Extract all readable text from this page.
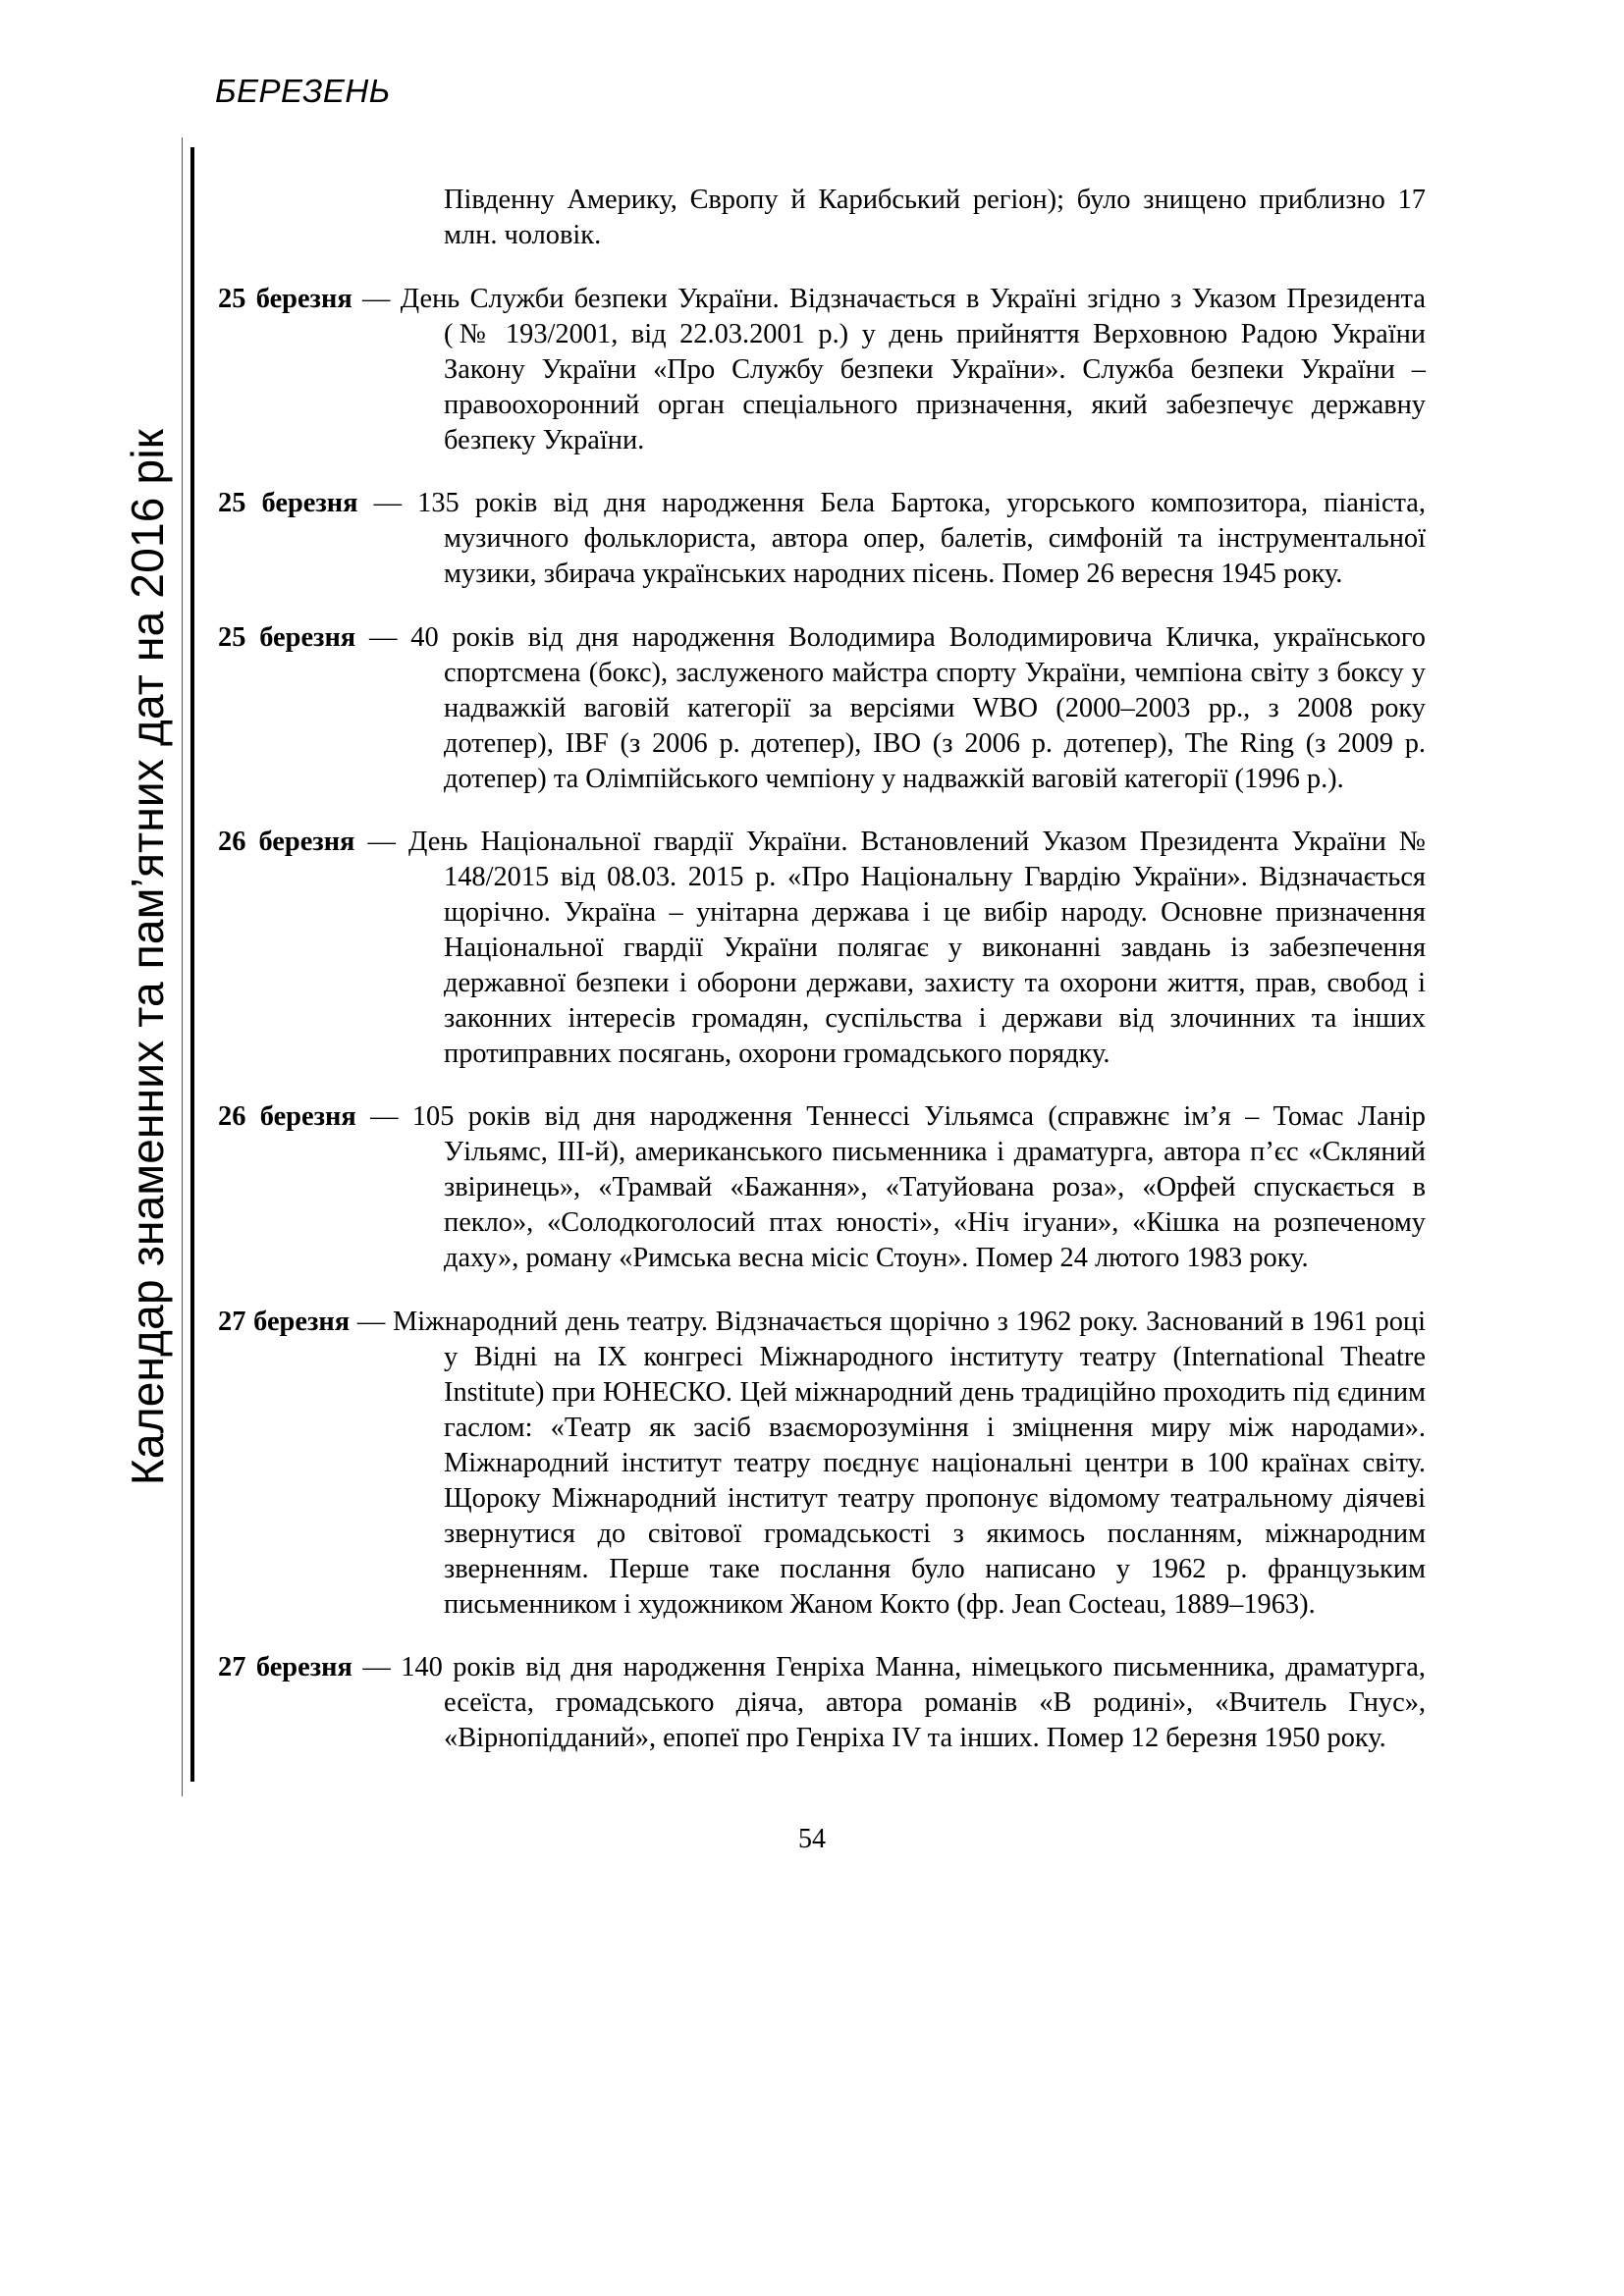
БЕРЕЗЕНЬ
Календар знаменних та пам’ятних дат на 2016 рік

Південну Америку, Європу й Карибський регіон); було знищено приблизно 17 млн. чоловік.

25 березня — День Служби безпеки України. Відзначається в Україні згідно з Указом Президента (№ 193/2001, від 22.03.2001 р.) у день прийняття Верховною Радою України Закону України «Про Службу безпеки України». Служба безпеки України – правоохоронний орган спеціального призначення, який забезпечує державну безпеку України.

25 березня — 135 років від дня народження Бела Бартока, угорського композитора, піаніста, музичного фольклориста, автора опер, балетів, симфоній та інструментальної музики, збирача українських народних пісень. Помер 26 вересня 1945 року.

25 березня — 40 років від дня народження Володимира Володимировича Кличка, українського спортсмена (бокс), заслуженого майстра спорту України, чемпіона світу з боксу у надважкій ваговій категорії за версіями WBO (2000–2003 рр., з 2008 року дотепер), IBF (з 2006 р. дотепер), IBO (з 2006 р. дотепер), The Ring (з 2009 р. дотепер) та Олімпійського чемпіону у надважкій ваговій категорії (1996 р.).

26 березня — День Національної гвардії України. Встановлений Указом Президента України № 148/2015 від 08.03. 2015 р. «Про Національну Гвардію України». Відзначається щорічно. Україна – унітарна держава і це вибір народу. Основне призначення Національної гвардії України полягає у виконанні завдань із забезпечення державної безпеки і оборони держави, захисту та охорони життя, прав, свобод і законних інтересів громадян, суспільства і держави від злочинних та інших протиправних посягань, охорони громадського порядку.

26 березня — 105 років від дня народження Теннессі Уільямса (справжнє ім’я – Томас Ланір Уільямс, III-й), американського письменника і драматурга, автора п’єс «Скляний звіринець», «Трамвай «Бажання», «Татуйована роза», «Орфей спускається в пекло», «Солодкоголосий птах юності», «Ніч ігуани», «Кішка на розпеченому даху», роману «Римська весна місіс Стоун». Помер 24 лютого 1983 року.

27 березня — Міжнародний день театру. Відзначається щорічно з 1962 року. Заснований в 1961 році у Відні на IX конгресі Міжнародного інституту театру (International Theatre Institute) при ЮНЕСКО. Цей міжнародний день традиційно проходить під єдиним гаслом: «Театр як засіб взаєморозуміння і зміцнення миру між народами». Міжнародний інститут театру поєднує національні центри в 100 країнах світу. Щороку Міжнародний інститут театру пропонує відомому театральному діячеві звернутися до світової громадськості з якимось посланням, міжнародним зверненням. Перше таке послання було написано у 1962 р. французьким письменником і художником Жаном Кокто (фр. Jean Cocteau, 1889–1963).

27 березня — 140 років від дня народження Генріха Манна, німецького письменника, драматурга, есеїста, громадського діяча, автора романів «В родині», «Вчитель Гнус», «Вірнопідданий», епопеї про Генріха IV та інших. Помер 12 березня 1950 року.

54
